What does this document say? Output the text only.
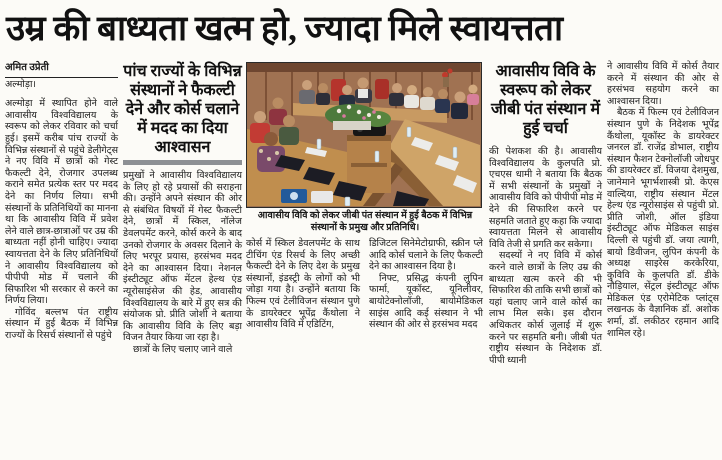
उम्र की बाध्यता खत्म हो, ज्यादा मिले स्वायत्तता
अमित उप्रेती
अल्मोड़ा।

अल्मोड़ा में स्थापित होने वाले आवासीय विश्वविद्यालय के स्वरूप को लेकर रविवार को चर्चा हुई। इसमें करीब पांच राज्यों के विभिन्न संस्थानों से पहुंचे डेलीगेट्स ने नए विवि में छात्रों को गेस्ट फैकल्टी देने, रोजगार उपलब्ध कराने समेत प्रत्येक स्तर पर मदद देने का निर्णय लिया। सभी संस्थानों के प्रतिनिधियों का मानना था कि आवासीय विवि में प्रवेश लेने वाले छात्र-छात्राओं पर उम्र की बाध्यता नहीं होनी चाहिए। ज्यादा स्वायत्तता देने के लिए प्रतिनिधियों ने आवासीय विश्वविद्यालय को पीपीपी मोड में चलाने की सिफारिश भी सरकार से करने का निर्णय लिया।

गोविंद बल्लभ पंत राष्ट्रीय संस्थान में हुई बैठक में विभिन्न राज्यों के रिसर्च संस्थानों से पहुंचे

पांच राज्यों के विभिन्न संस्थानों ने फैकल्टी देने और कोर्स चलाने में मदद का दिया आश्वासन

प्रमुखों ने आवासीय विश्वविद्यालय के लिए हो रहे प्रयासों की सराहना की। उन्होंने अपने संस्थान की ओर से संबंधित विषयों में गेस्ट फैकल्टी देने, छात्रों में स्किल, नॉलेज डेवलपमेंट करने, कोर्स करने के बाद उनको रोजगार के अवसर दिलाने के लिए भरपूर प्रयास, हरसंभव मदद देने का आश्वासन दिया। नेशनल इंस्टीट्यूट ऑफ मेंटल हेल्थ एंड न्यूरोसाइंसेज की हेड, आवासीय विश्वविद्यालय के बारे में हुए सत्र की संयोजक प्रो. प्रीति जोशी ने बताया कि आवासीय विवि के लिए बड़ा विजन तैयार किया जा रहा है।

छात्रों के लिए चलाए जाने वाले

आवासीय विवि को लेकर जीबी पंत संस्थान में हुई बैठक में विभिन्न संस्थानों के प्रमुख और प्रतिनिधि।

कोर्स में स्किल डेवलपमेंट के साथ टीचिंग एंड रिसर्च के लिए अच्छी फैकल्टी देने के लिए देश के प्रमुख संस्थानों, इंडस्ट्री के लोगों को भी जोड़ा गया है। उन्होंने बताया कि फिल्म एवं टेलीविजन संस्थान पुणे के डायरेक्टर भूपेंद्र कैंथोला ने आवासीय विवि में एडिटिंग,

डिजिटल सिनेमेटोग्राफी, स्क्रीन प्ले आदि कोर्स चलाने के लिए फैकल्टी देने का आश्वासन दिया है।

निफ्ट, प्रसिद्ध कंपनी लुपिन फार्मा, यूकॉस्ट, यूनिलीवर, बायोटेक्नोलॉजी, बायोमेडिकल साइंस आदि कई संस्थान ने भी संस्थान की ओर से हरसंभव मदद

आवासीय विवि के स्वरूप को लेकर जीबी पंत संस्थान में हुई चर्चा

की पेशकश की है। आवासीय विश्वविद्यालय के कुलपति प्रो. एचएस धामी ने बताया कि बैठक में सभी संस्थानों के प्रमुखों ने आवासीय विवि को पीपीपी मोड में देने की सिफारिश करने पर सहमति जताते हुए कहा कि ज्यादा स्वायत्तता मिलने से आवासीय विवि तेजी से प्रगति कर सकेगा।

सदस्यों ने नए विवि में कोर्स करने वाले छात्रों के लिए उम्र की बाध्यता खत्म करने की भी सिफारिश की ताकि सभी छात्रों को यहां चलाए जाने वाले कोर्स का लाभ मिल सके। इस दौरान अधिकतर कोर्स जुलाई में शुरू करने पर सहमति बनी। जीबी पंत राष्ट्रीय संस्थान के निदेशक डॉ. पीपी ध्यानी

ने आवासीय विवि में कोर्स तैयार करने में संस्थान की ओर से हरसंभव सहयोग करने का आश्वासन दिया।

बैठक में फिल्म एवं टेलीविजन संस्थान पुणे के निदेशक भूपेंद्र कैंथोला, यूकॉस्ट के डायरेक्टर जनरल डॉ. राजेंद्र डोभाल, राष्ट्रीय संस्थान फैशन टेक्नोलॉजी जोधपुर की डायरेक्टर डॉ. विजया देशमुख, जानेमाने भूगर्भशास्त्री प्रो. केएस वाल्दिया, राष्ट्रीय संस्थान मेंटल हेल्थ एंड न्यूरोसाइंस से पहुंची प्रो. प्रीति जोशी, ऑल इंडिया इंस्टीट्यूट ऑफ मेडिकल साइंस दिल्ली से पहुंची डॉ. जया त्यागी, बायो डिवीजन, लुपिन कंपनी के अध्यक्ष साइरेस करकेरिया, कुविवि के कुलपति डॉ. डीके नौड़ियाल, सेंट्रल इंस्टीट्यूट ऑफ मेडिकल एंड एरोमेटिक प्लांट्स लखनऊ के वैज्ञानिक डॉ. अशोक शर्मा, डॉ. लकीठर रहमान आदि शामिल रहे।
